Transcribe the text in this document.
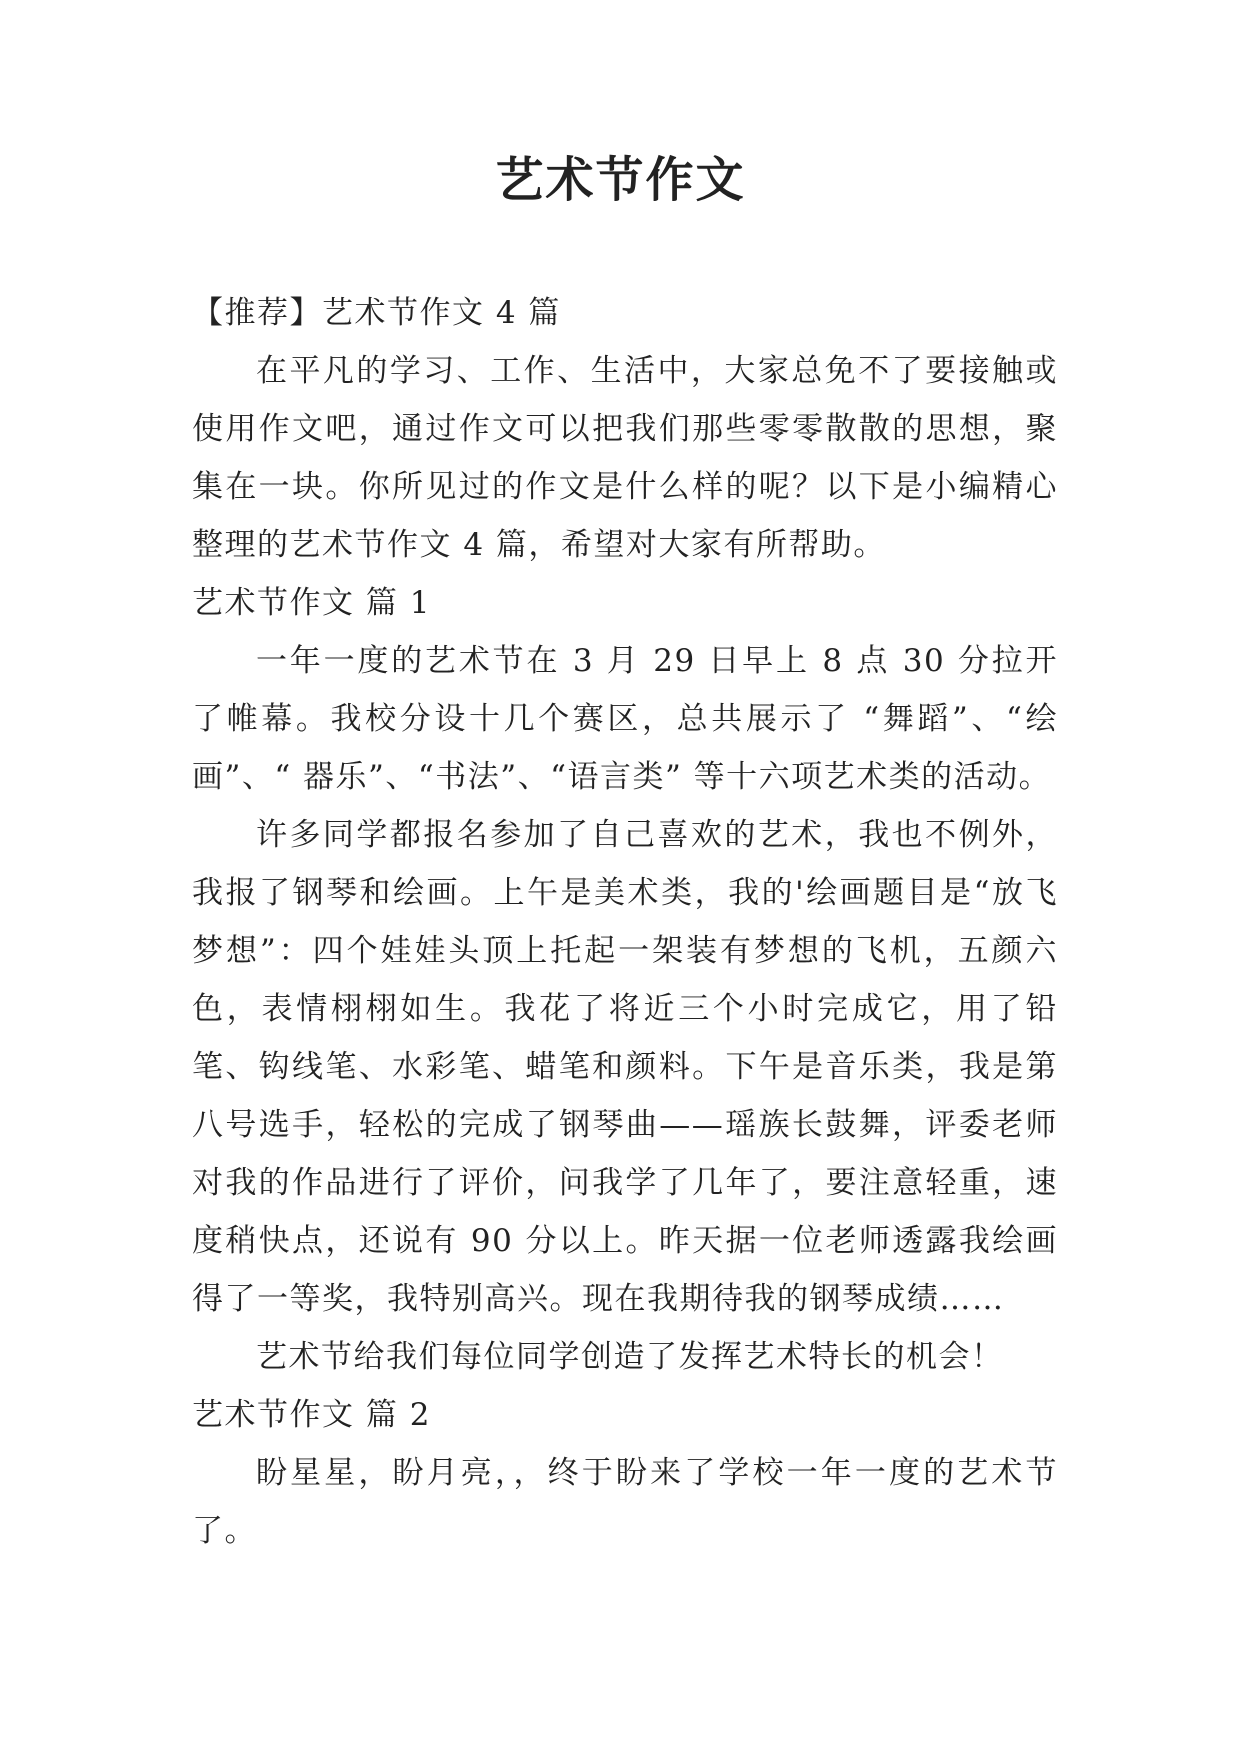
艺术节作文

【推荐】艺术节作文 4 篇

在平凡的学习、工作、生活中，大家总免不了要接触或使用作文吧，通过作文可以把我们那些零零散散的思想，聚集在一块。你所见过的作文是什么样的呢？以下是小编精心整理的艺术节作文 4 篇，希望对大家有所帮助。

艺术节作文 篇 1

一年一度的艺术节在 3 月 29 日早上 8 点 30 分拉开了帷幕。我校分设十几个赛区，总共展示了 “舞蹈”、“绘画”、“ 器乐”、“书法”、“语言类” 等十六项艺术类的活动。

许多同学都报名参加了自己喜欢的艺术，我也不例外，我报了钢琴和绘画。上午是美术类，我的'绘画题目是“放飞梦想”：四个娃娃头顶上托起一架装有梦想的飞机，五颜六色，表情栩栩如生。我花了将近三个小时完成它，用了铅笔、钩线笔、水彩笔、蜡笔和颜料。下午是音乐类，我是第八号选手，轻松的完成了钢琴曲——瑶族长鼓舞，评委老师对我的作品进行了评价，问我学了几年了，要注意轻重，速度稍快点，还说有 90 分以上。昨天据一位老师透露我绘画得了一等奖，我特别高兴。现在我期待我的钢琴成绩……

艺术节给我们每位同学创造了发挥艺术特长的机会！

艺术节作文 篇 2

盼星星，盼月亮，，终于盼来了学校一年一度的艺术节了。
